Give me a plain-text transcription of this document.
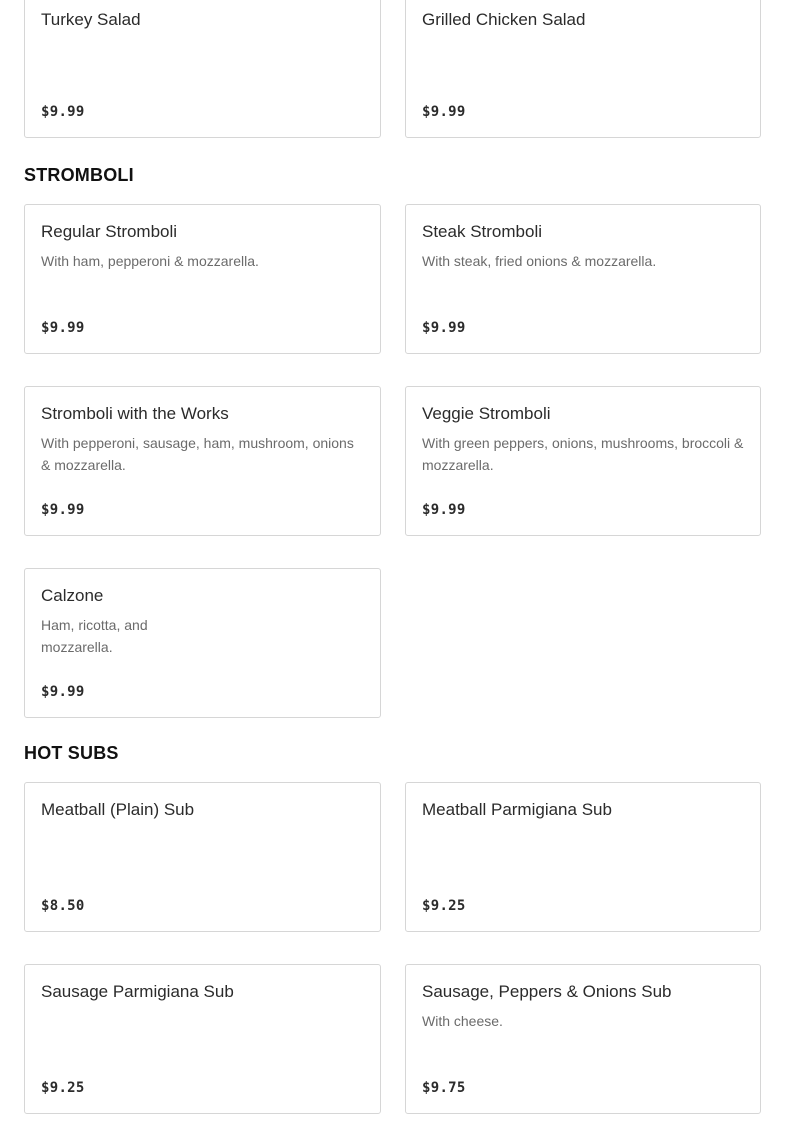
Turkey Salad
$9.99
Grilled Chicken Salad
$9.99
STROMBOLI
Regular Stromboli
With ham, pepperoni & mozzarella.
$9.99
Steak Stromboli
With steak, fried onions & mozzarella.
$9.99
Stromboli with the Works
With pepperoni, sausage, ham, mushroom, onions & mozzarella.
$9.99
Veggie Stromboli
With green peppers, onions, mushrooms, broccoli & mozzarella.
$9.99
Calzone
Ham, ricotta, and mozzarella.
$9.99
HOT SUBS
Meatball (Plain) Sub
$8.50
Meatball Parmigiana Sub
$9.25
Sausage Parmigiana Sub
$9.25
Sausage, Peppers & Onions Sub
With cheese.
$9.75
